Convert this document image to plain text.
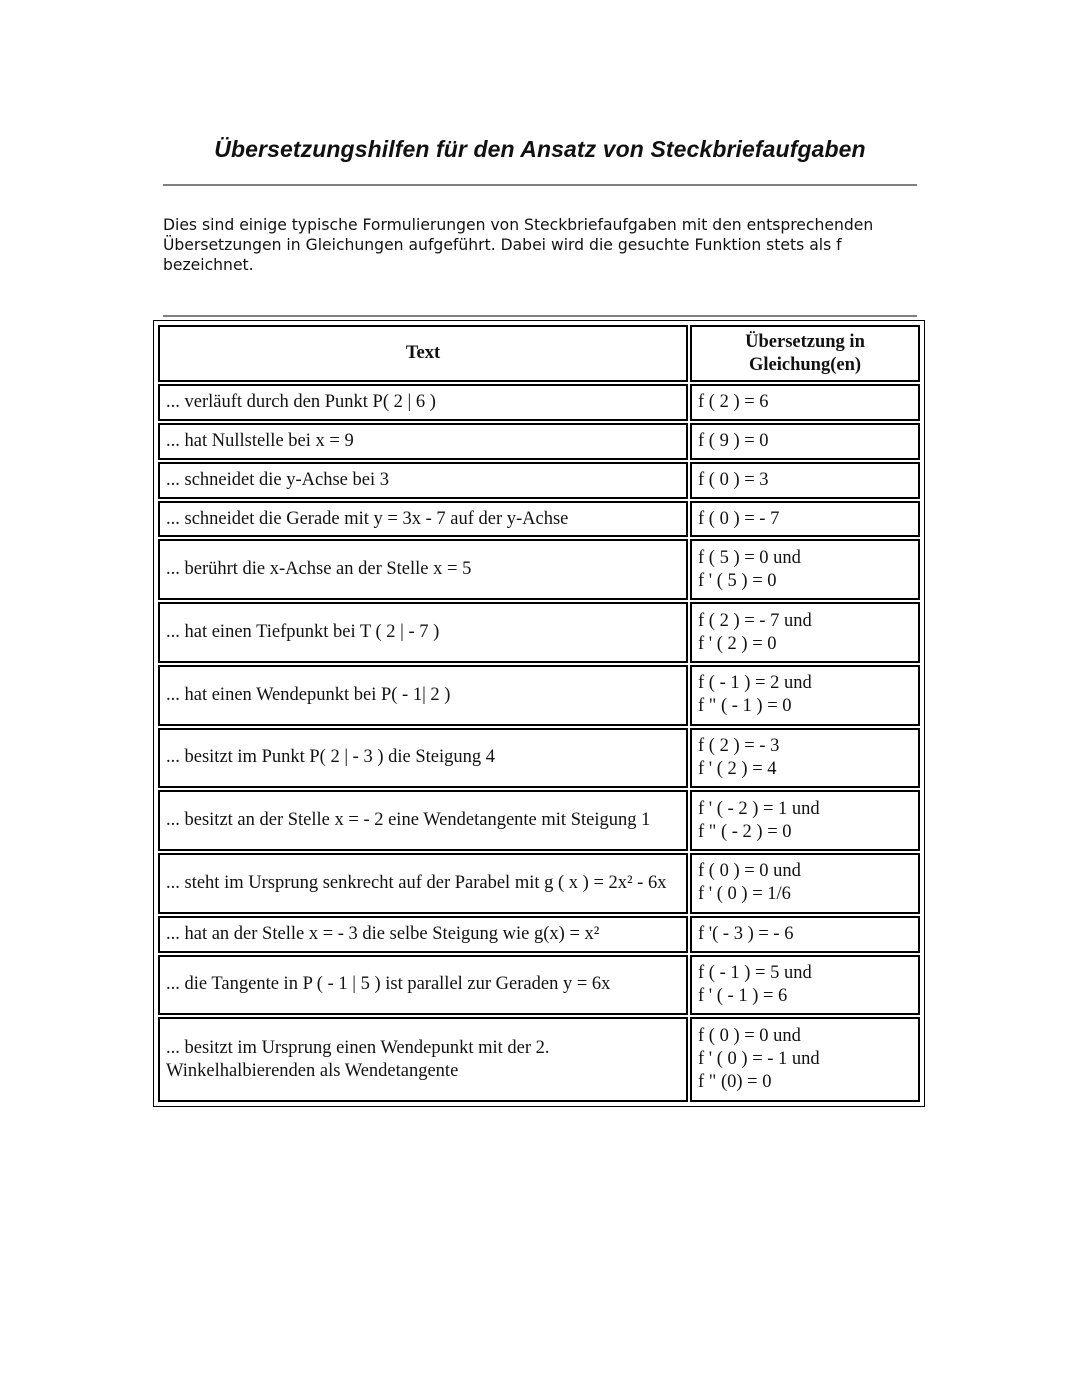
Übersetzungshilfen für den Ansatz von Steckbriefaufgaben

Dies sind einige typische Formulierungen von Steckbriefaufgaben mit den entsprechenden Übersetzungen in Gleichungen aufgeführt. Dabei wird die gesuchte Funktion stets als f bezeichnet.

Text	Übersetzung in Gleichung(en)
... verläuft durch den Punkt P( 2 | 6 )	f ( 2 ) = 6

... hat Nullstelle bei x = 9	f ( 9 ) = 0

... schneidet die y-Achse bei 3	f ( 0 ) = 3

... schneidet die Gerade mit y = 3x - 7 auf der y-Achse	f ( 0 ) = - 7

... berührt die x-Achse an der Stelle x = 5	f ( 5 ) = 0 und
f ' ( 5 ) = 0

... hat einen Tiefpunkt bei T ( 2 | - 7 )	f ( 2 ) = - 7 und
f ' ( 2 ) = 0

... hat einen Wendepunkt bei P( - 1| 2 )	f ( - 1 ) = 2 und
f " ( - 1 ) = 0

... besitzt im Punkt P( 2 | - 3 ) die Steigung 4	f ( 2 ) = - 3
f ' ( 2 ) = 4

... besitzt an der Stelle x = - 2 eine Wendetangente mit Steigung 1	f ' ( - 2 ) = 1 und
f " ( - 2 ) = 0

... steht im Ursprung senkrecht auf der Parabel mit g ( x ) = 2x² - 6x	f ( 0 ) = 0 und
f ' ( 0 ) = 1/6

... hat an der Stelle x = - 3 die selbe Steigung wie g(x) = x²	f '( - 3 ) = - 6

... die Tangente in P ( - 1 | 5 ) ist parallel zur Geraden y = 6x	f ( - 1 ) = 5 und
f ' ( - 1 ) = 6

... besitzt im Ursprung einen Wendepunkt mit der 2. Winkelhalbierenden als Wendetangente	f ( 0 ) = 0 und
f ' ( 0 ) = - 1 und
f " (0) = 0
